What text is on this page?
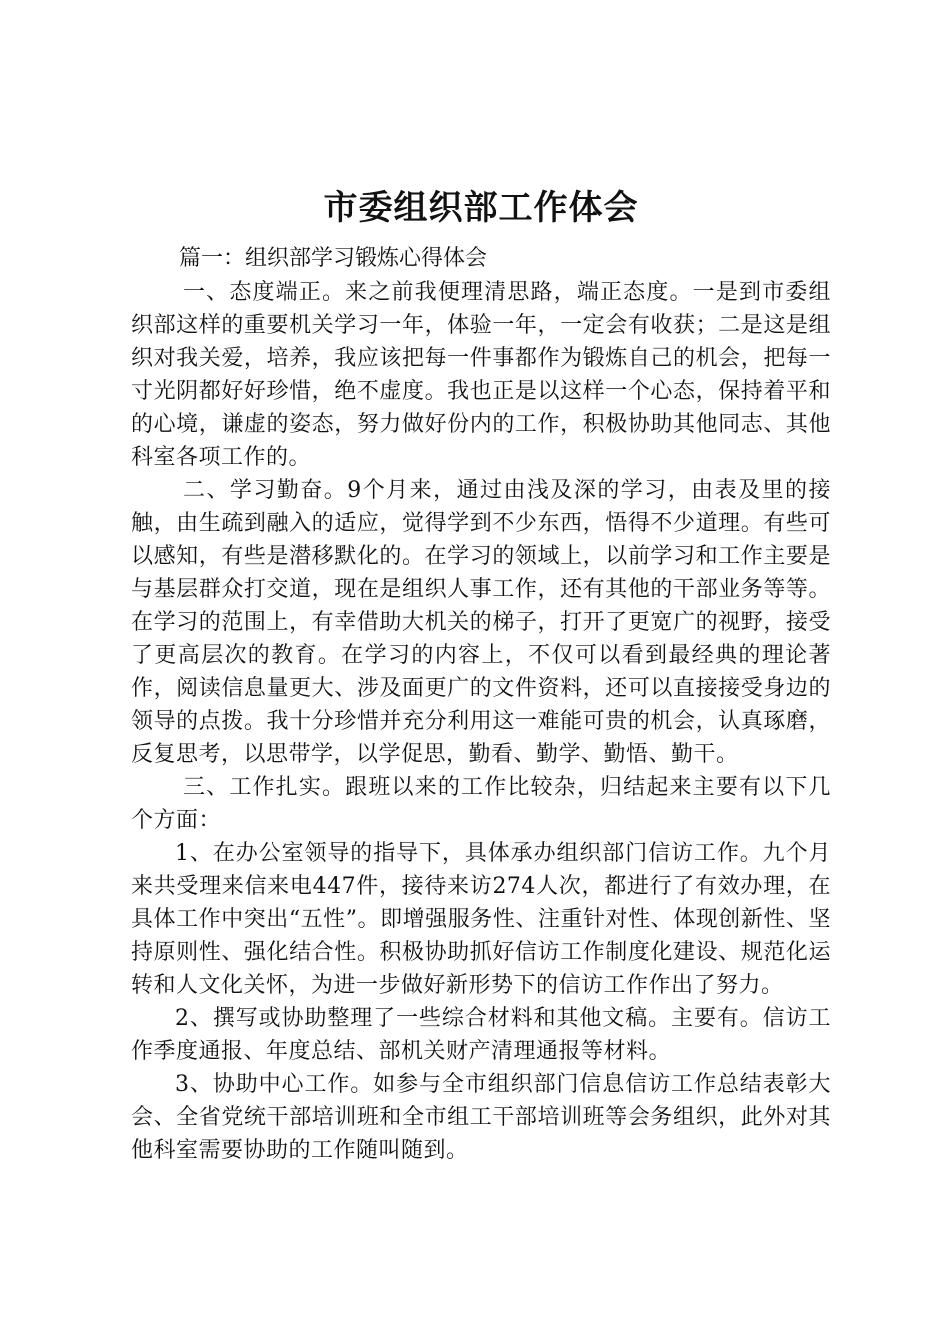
市委组织部工作体会

篇一：组织部学习锻炼心得体会

一、态度端正。来之前我便理清思路，端正态度。一是到市委组织部这样的重要机关学习一年，体验一年，一定会有收获；二是这是组织对我关爱，培养，我应该把每一件事都作为锻炼自己的机会，把每一寸光阴都好好珍惜，绝不虚度。我也正是以这样一个心态，保持着平和的心境，谦虚的姿态，努力做好份内的工作，积极协助其他同志、其他科室各项工作的。

二、学习勤奋。9个月来，通过由浅及深的学习，由表及里的接触，由生疏到融入的适应，觉得学到不少东西，悟得不少道理。有些可以感知，有些是潜移默化的。在学习的领域上，以前学习和工作主要是与基层群众打交道，现在是组织人事工作，还有其他的干部业务等等。在学习的范围上，有幸借助大机关的梯子，打开了更宽广的视野，接受了更高层次的教育。在学习的内容上，不仅可以看到最经典的理论著作，阅读信息量更大、涉及面更广的文件资料，还可以直接接受身边的领导的点拨。我十分珍惜并充分利用这一难能可贵的机会，认真琢磨，反复思考，以思带学，以学促思，勤看、勤学、勤悟、勤干。

三、工作扎实。跟班以来的工作比较杂，归结起来主要有以下几个方面：

1、在办公室领导的指导下，具体承办组织部门信访工作。九个月来共受理来信来电447件，接待来访274人次，都进行了有效办理，在具体工作中突出“五性”。即增强服务性、注重针对性、体现创新性、坚持原则性、强化结合性。积极协助抓好信访工作制度化建设、规范化运转和人文化关怀，为进一步做好新形势下的信访工作作出了努力。

2、撰写或协助整理了一些综合材料和其他文稿。主要有。信访工作季度通报、年度总结、部机关财产清理通报等材料。

3、协助中心工作。如参与全市组织部门信息信访工作总结表彰大会、全省党统干部培训班和全市组工干部培训班等会务组织，此外对其他科室需要协助的工作随叫随到。
